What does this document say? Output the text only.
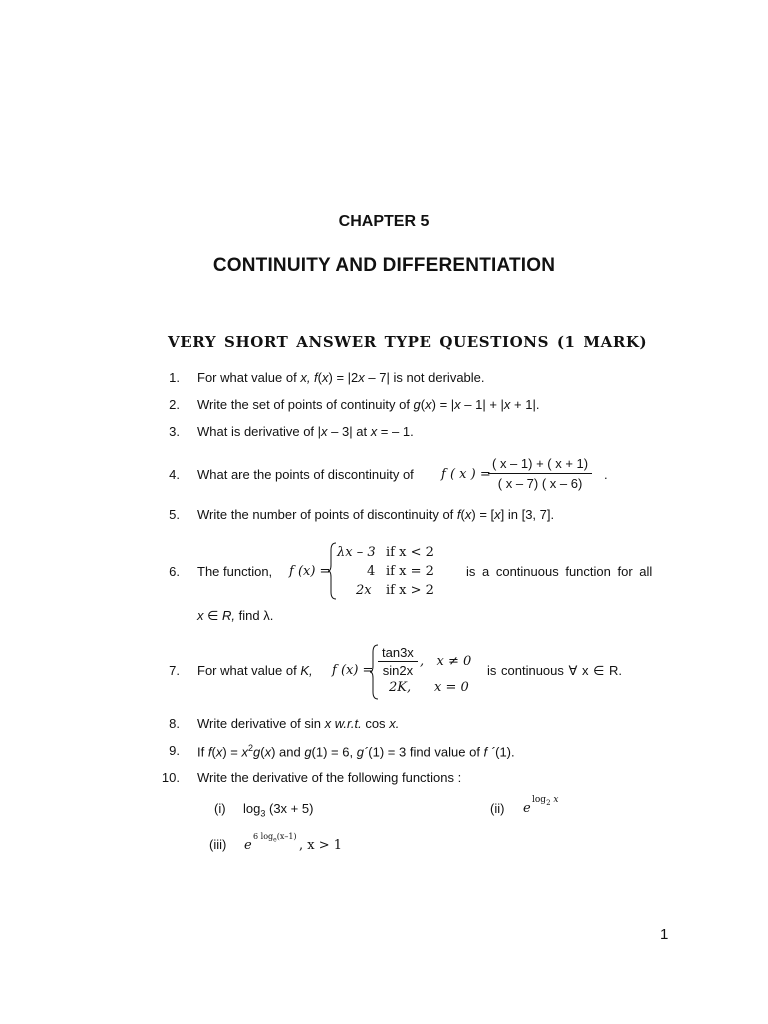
CHAPTER 5
CONTINUITY AND DIFFERENTIATION
VERY SHORT ANSWER TYPE QUESTIONS (1 MARK)
1. For what value of x, f(x) = |2x – 7| is not derivable.
2. Write the set of points of continuity of g(x) = |x – 1| + |x + 1|.
3. What is derivative of |x – 3| at x = – 1.
4. What are the points of discontinuity of f ( x ) =
$\frac{( x - 1) + ( x + 1)}{( x - 7) ( x - 6)}$ .
5. Write the number of points of discontinuity of f(x) = [x] in [3, 7].
6. The function, f (x) =
λx – 3 if x < 2
4 if x = 2
2x if x > 2
is a continuous function for all
x ∈ R, find λ.
7. For what value of K, f $(x) = \frac{\tan 3x}{\sin 2x}$ ,   x ≠ 0
2K, x = 0
is continuous ∀ x ∈ R.
8. Write derivative of sin x w.r.t. cos x.
9. If $f(x) = x^2g(x)$ and g(1) = 6, g´(1) = 3 find value of f ´(1).
10. Write the derivative of the following functions :
(i) $\log_3 (3x + 5)$	(ii) e
$\log_2 x$
(iii) e
6 $\log_e(x-1)$
, x > 1
1
